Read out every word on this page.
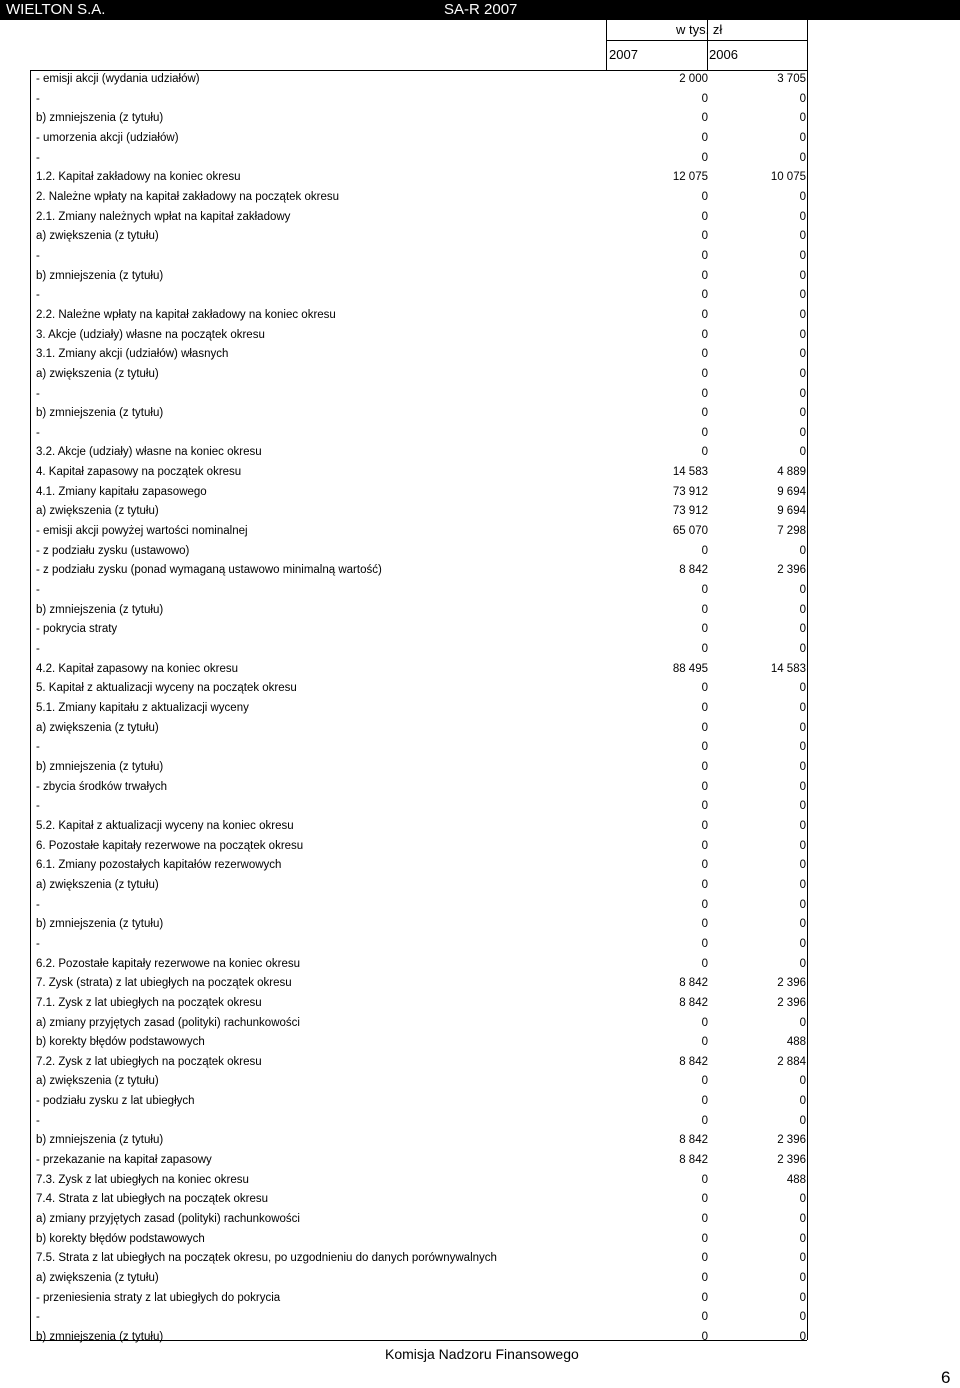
WIELTON S.A.	SA-R 2007
w tys. zł
2007	2006
- emisji akcji (wydania udziałów)	2 000	3 705
-	0	0
b) zmniejszenia (z tytułu)	0	0
- umorzenia akcji (udziałów)	0	0
-	0	0
1.2. Kapitał zakładowy na koniec okresu	12 075	10 075
2. Należne wpłaty na kapitał zakładowy na początek okresu	0	0
2.1. Zmiany należnych wpłat na kapitał zakładowy	0	0
a) zwiększenia (z tytułu)	0	0
-	0	0
b) zmniejszenia (z tytułu)	0	0
-	0	0
2.2. Należne wpłaty na kapitał zakładowy na koniec okresu	0	0
3. Akcje (udziały) własne na początek okresu	0	0
3.1. Zmiany akcji (udziałów) własnych	0	0
a) zwiększenia (z tytułu)	0	0
-	0	0
b) zmniejszenia (z tytułu)	0	0
-	0	0
3.2. Akcje (udziały) własne na koniec okresu	0	0
4. Kapitał zapasowy na początek okresu	14 583	4 889
4.1. Zmiany kapitału zapasowego	73 912	9 694
a) zwiększenia (z tytułu)	73 912	9 694
- emisji akcji powyżej wartości nominalnej	65 070	7 298
- z podziału zysku (ustawowo)	0	0
- z podziału zysku (ponad wymaganą ustawowo minimalną wartość)	8 842	2 396
-	0	0
b) zmniejszenia (z tytułu)	0	0
- pokrycia straty	0	0
-	0	0
4.2. Kapitał zapasowy na koniec okresu	88 495	14 583
5. Kapitał z aktualizacji wyceny na początek okresu	0	0
5.1. Zmiany kapitału z aktualizacji wyceny	0	0
a) zwiększenia (z tytułu)	0	0
-	0	0
b) zmniejszenia (z tytułu)	0	0
- zbycia środków trwałych	0	0
-	0	0
5.2. Kapitał z aktualizacji wyceny na koniec okresu	0	0
6. Pozostałe kapitały rezerwowe na początek okresu	0	0
6.1. Zmiany pozostałych kapitałów rezerwowych	0	0
a) zwiększenia (z tytułu)	0	0
-	0	0
b) zmniejszenia (z tytułu)	0	0
-	0	0
6.2. Pozostałe kapitały rezerwowe na koniec okresu	0	0
7. Zysk (strata) z lat ubiegłych na początek okresu	8 842	2 396
7.1. Zysk z lat ubiegłych na początek okresu	8 842	2 396
a) zmiany przyjętych zasad (polityki) rachunkowości	0	0
b) korekty błędów podstawowych	0	488
7.2. Zysk z lat ubiegłych na początek okresu	8 842	2 884
a) zwiększenia (z tytułu)	0	0
- podziału zysku z lat ubiegłych	0	0
-	0	0
b) zmniejszenia (z tytułu)	8 842	2 396
- przekazanie na kapitał zapasowy	8 842	2 396
7.3. Zysk z lat ubiegłych na koniec okresu	0	488
7.4. Strata z lat ubiegłych na początek okresu	0	0
a) zmiany przyjętych zasad (polityki) rachunkowości	0	0
b) korekty błędów podstawowych	0	0
7.5. Strata z lat ubiegłych na początek okresu, po uzgodnieniu do danych porównywalnych	0	0
a) zwiększenia (z tytułu)	0	0
- przeniesienia straty z lat ubiegłych do pokrycia	0	0
-	0	0
b) zmniejszenia (z tytułu)	0	0
Komisja Nadzoru Finansowego
6
